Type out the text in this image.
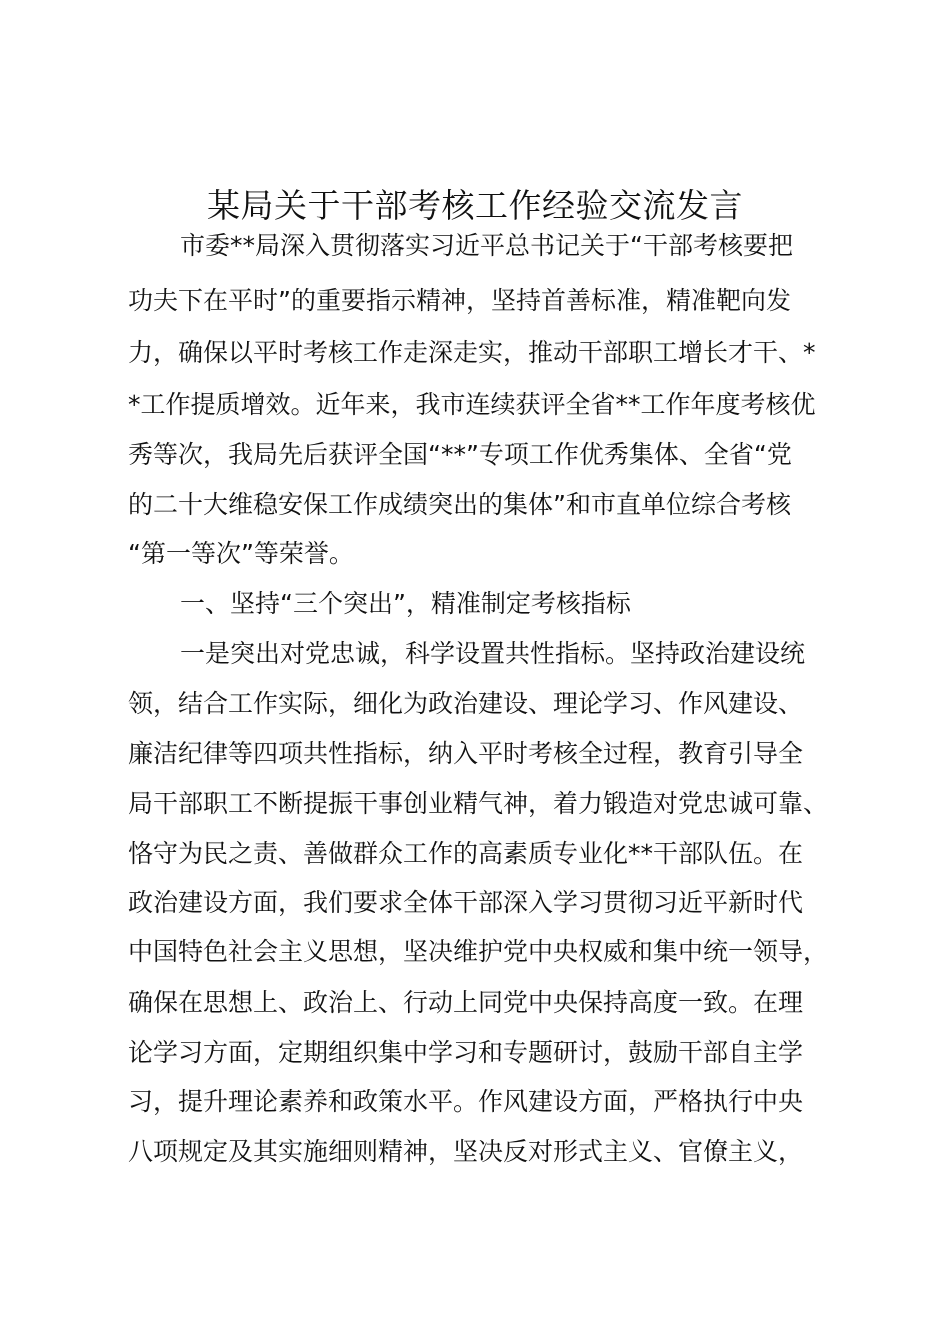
某局关于干部考核工作经验交流发言
市委**局深入贯彻落实习近平总书记关于“干部考核要把
功夫下在平时”的重要指示精神，坚持首善标准，精准靶向发
力，确保以平时考核工作走深走实，推动干部职工增长才干、*
*工作提质增效。近年来，我市连续获评全省**工作年度考核优
秀等次，我局先后获评全国“**”专项工作优秀集体、全省“党
的二十大维稳安保工作成绩突出的集体”和市直单位综合考核
“第一等次”等荣誉。
一、坚持“三个突出”，精准制定考核指标
一是突出对党忠诚，科学设置共性指标。坚持政治建设统
领，结合工作实际，细化为政治建设、理论学习、作风建设、
廉洁纪律等四项共性指标，纳入平时考核全过程，教育引导全
局干部职工不断提振干事创业精气神，着力锻造对党忠诚可靠、
恪守为民之责、善做群众工作的高素质专业化**干部队伍。在
政治建设方面，我们要求全体干部深入学习贯彻习近平新时代
中国特色社会主义思想，坚决维护党中央权威和集中统一领导，
确保在思想上、政治上、行动上同党中央保持高度一致。在理
论学习方面，定期组织集中学习和专题研讨，鼓励干部自主学
习，提升理论素养和政策水平。作风建设方面，严格执行中央
八项规定及其实施细则精神，坚决反对形式主义、官僚主义，
